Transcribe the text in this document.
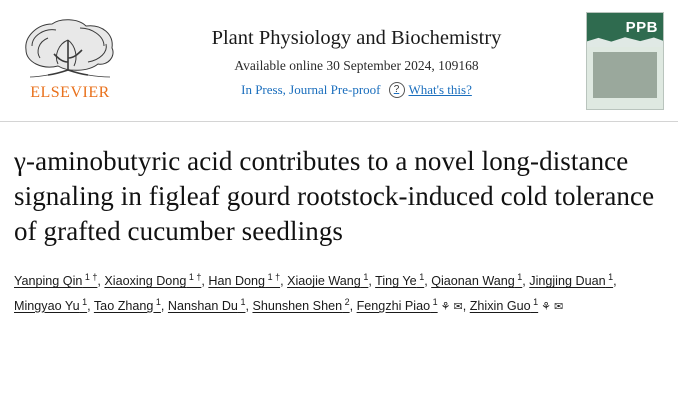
ELSEVIER
Plant Physiology and Biochemistry
Available online 30 September 2024, 109168
In Press, Journal Pre-proof	? What's this?
PPB
γ-aminobutyric acid contributes to a novel long-distance signaling in figleaf gourd rootstock-induced cold tolerance of grafted cucumber seedlings
Yanping Qin $^{1 \dagger}$, Xiaoxing Dong $^{1 \dagger}$, Han Dong $^{1 \dagger}$, Xiaojie Wang $^1$, Ting Ye $^1$, Qiaonan Wang $^1$, Jingjing Duan $^1$, Mingyao Yu $^1$, Tao Zhang $^1$, Nanshan Du $^1$, Shunshen Shen $^2$, Fengzhi Piao $^1$ ⚘ ✉, Zhixin Guo $^1$ ⚘ ✉
